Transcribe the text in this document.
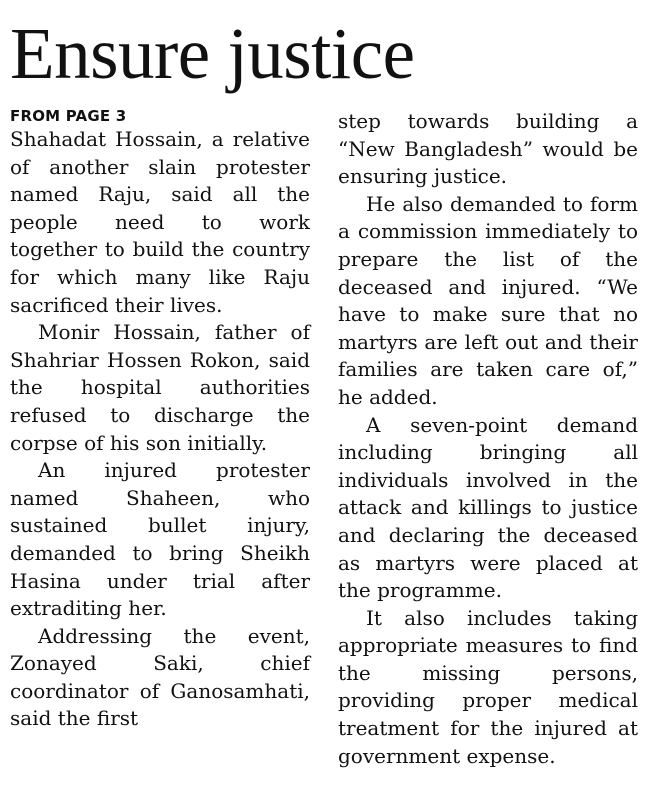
Ensure justice
FROM PAGE 3

Shahadat Hossain, a relative of another slain protester named Raju, said all the people need to work together to build the country for which many like Raju sacrificed their lives.

Monir Hossain, father of Shahriar Hossen Rokon, said the hospital authorities refused to discharge the corpse of his son initially.

An injured protester named Shaheen, who sustained bullet injury, demanded to bring Sheikh Hasina under trial after extraditing her.

Addressing the event, Zonayed Saki, chief coordinator of Ganosamhati, said the first

step towards building a “New Bangladesh” would be ensuring justice.

He also demanded to form a commission immediately to prepare the list of the deceased and injured. “We have to make sure that no martyrs are left out and their families are taken care of,” he added.

A seven-point demand including bringing all individuals involved in the attack and killings to justice and declaring the deceased as martyrs were placed at the programme.

It also includes taking appropriate measures to find the missing persons, providing proper medical treatment for the injured at government expense.
